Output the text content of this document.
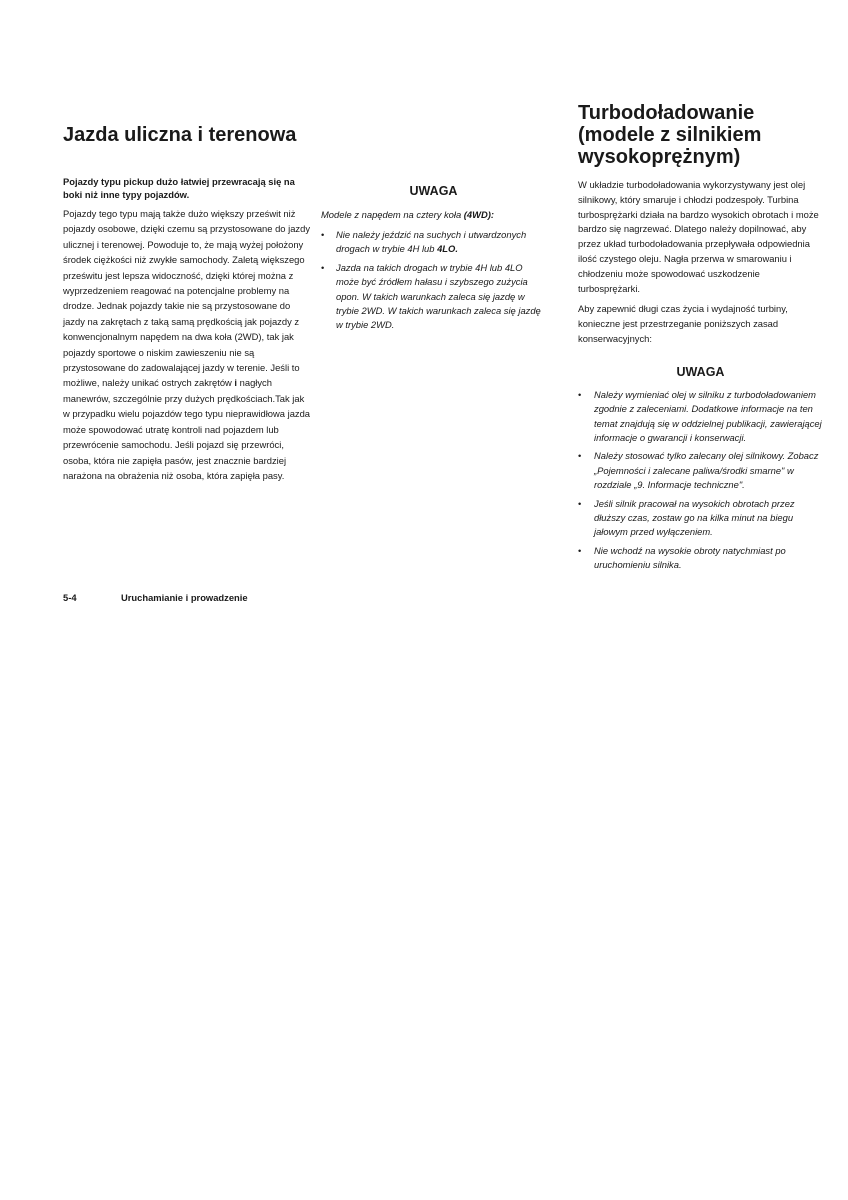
Jazda uliczna i terenowa

Pojazdy typu pickup dużo łatwiej przewracają się na boki niż inne typy pojazdów.

Pojazdy tego typu mają także dużo większy prześwit niż pojazdy osobowe, dzięki czemu są przystosowane do jazdy ulicznej i terenowej. Powoduje to, że mają wyżej położony środek ciężkości niż zwykłe samochody. Zaletą większego prześwitu jest lepsza widoczność, dzięki której można z wyprzedzeniem reagować na potencjalne problemy na drodze. Jednak pojazdy takie nie są przystosowane do jazdy na zakrętach z taką samą prędkością jak pojazdy z konwencjonalnym napędem na dwa koła (2WD), tak jak pojazdy sportowe o niskim zawieszeniu nie są przystosowane do zadowalającej jazdy w terenie. Jeśli to możliwe, należy unikać ostrych zakrętów i nagłych manewrów, szczególnie przy dużych prędkościach.Tak jak w przypadku wielu pojazdów tego typu nieprawidłowa jazda może spowodować utratę kontroli nad pojazdem lub przewrócenie samochodu. Jeśli pojazd się przewróci, osoba, która nie zapięła pasów, jest znacznie bardziej narażona na obrażenia niż osoba, która zapięła pasy.

UWAGA

Modele z napędem na cztery koła (4WD):

• Nie należy jeździć na suchych i utwardzonych drogach w trybie 4H lub 4LO.
• Jazda na takich drogach w trybie 4H lub 4LO może być źródłem hałasu i szybszego zużycia opon. W takich warunkach zaleca się jazdę w trybie 2WD. W takich warunkach zaleca się jazdę w trybie 2WD.
Turbodoładowanie
(modele z silnikiem
wysokoprężnym)

W układzie turbodoładowania wykorzystywany jest olej silnikowy, który smaruje i chłodzi podzespoły. Turbina turbosprężarki działa na bardzo wysokich obrotach i może bardzo się nagrzewać. Dlatego należy dopilnować, aby przez układ turbodoładowania przepływała odpowiednia ilość czystego oleju. Nagła przerwa w smarowaniu i chłodzeniu może spowodować uszkodzenie turbosprężarki.

Aby zapewnić długi czas życia i wydajność turbiny, konieczne jest przestrzeganie poniższych zasad konserwacyjnych:

UWAGA
• Należy wymieniać olej w silniku z turbodoładowaniem zgodnie z zaleceniami. Dodatkowe informacje na ten temat znajdują się w oddzielnej publikacji, zawierającej informacje o gwarancji i konserwacji.
• Należy stosować tylko zalecany olej silnikowy. Zobacz „Pojemności i zalecane paliwa/środki smarne" w rozdziale „9. Informacje techniczne".
• Jeśli silnik pracował na wysokich obrotach przez dłuższy czas, zostaw go na kilka minut na biegu jałowym przed wyłączeniem.
• Nie wchodź na wysokie obroty natychmiast po uruchomieniu silnika.
5-4	Uruchamianie i prowadzenie
